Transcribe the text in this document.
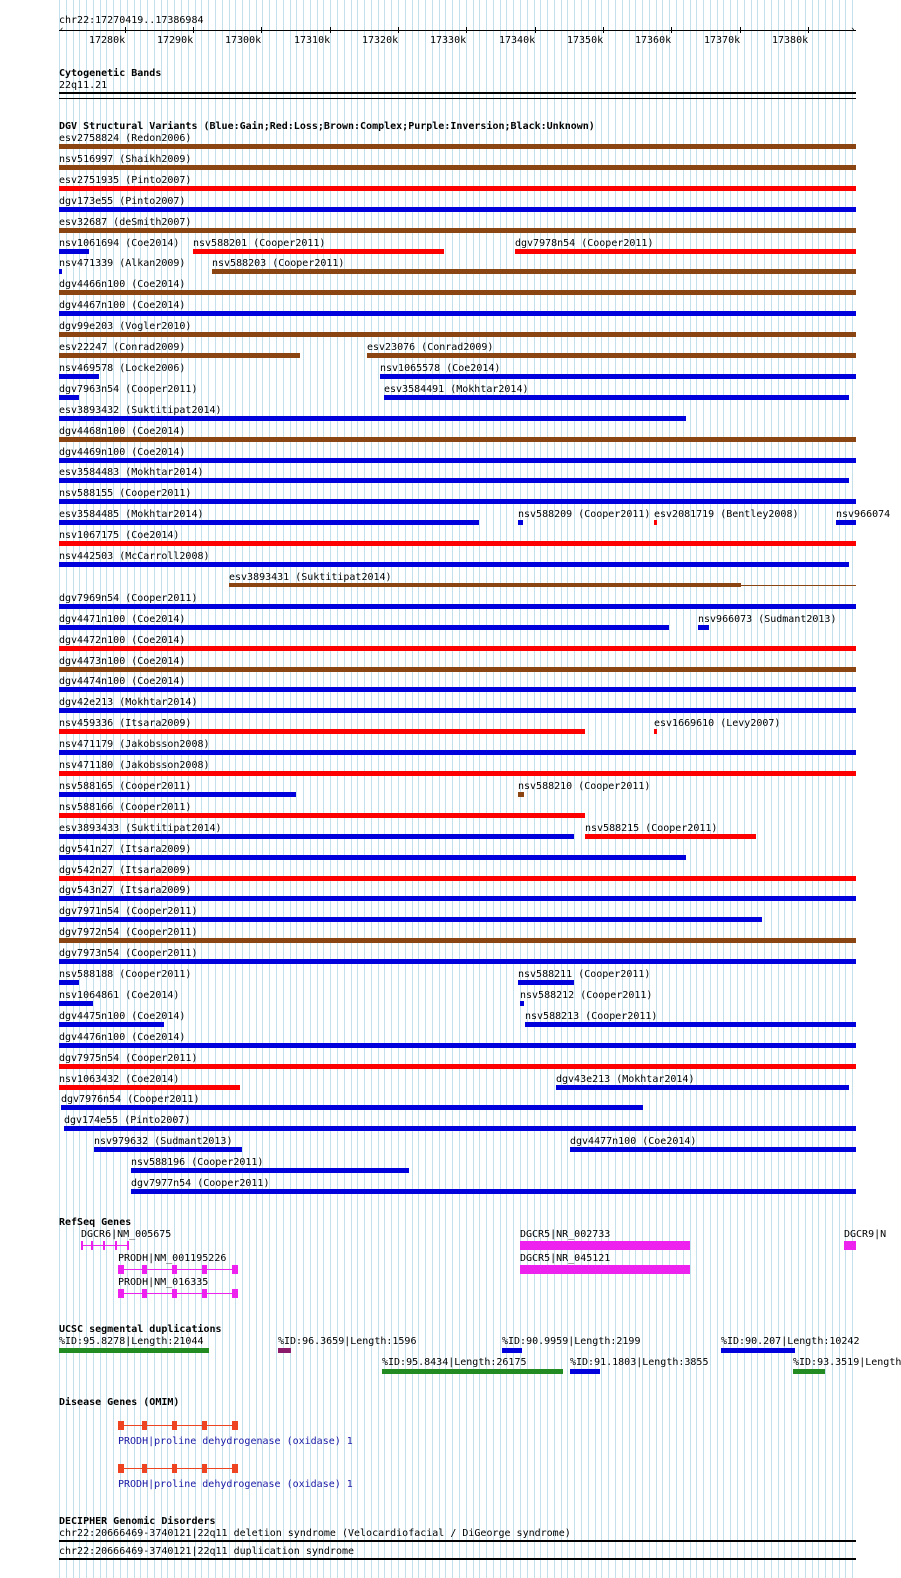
chr22:17270419..17386984
‹	›
17280k	17290k	17300k	17310k	17320k	17330k	17340k	17350k	17360k	17370k	17380k
Cytogenetic Bands
22q11.21
DGV Structural Variants (Blue:Gain;Red:Loss;Brown:Complex;Purple:Inversion;Black:Unknown)
esv2758824 (Redon2006)
nsv516997 (Shaikh2009)
esv2751935 (Pinto2007)
dgv173e55 (Pinto2007)
esv32687 (deSmith2007)
nsv1061694 (Coe2014) nsv588201 (Cooper2011)	dgv7978n54 (Cooper2011)
nsv471339 (Alkan2009)	nsv588203 (Cooper2011)
dgv4466n100 (Coe2014)
dgv4467n100 (Coe2014)
dgv99e203 (Vogler2010)
esv22247 (Conrad2009)	esv23076 (Conrad2009)
nsv469578 (Locke2006)	nsv1065578 (Coe2014)
dgv7963n54 (Cooper2011)	esv3584491 (Mokhtar2014)
esv3893432 (Suktitipat2014)
dgv4468n100 (Coe2014)
dgv4469n100 (Coe2014)
esv3584483 (Mokhtar2014)
nsv588155 (Cooper2011)
esv3584485 (Mokhtar2014)	nsv588209 (Cooper2011) esv2081719 (Bentley2008)	nsv966074
nsv1067175 (Coe2014)
nsv442503 (McCarroll2008)
esv3893431 (Suktitipat2014)
dgv7969n54 (Cooper2011)
dgv4471n100 (Coe2014)	nsv966073 (Sudmant2013)
dgv4472n100 (Coe2014)
dgv4473n100 (Coe2014)
dgv4474n100 (Coe2014)
dgv42e213 (Mokhtar2014)
nsv459336 (Itsara2009)	esv1669610 (Levy2007)
nsv471179 (Jakobsson2008)
nsv471180 (Jakobsson2008)
nsv588165 (Cooper2011)	nsv588210 (Cooper2011)
nsv588166 (Cooper2011)
esv3893433 (Suktitipat2014)	nsv588215 (Cooper2011)
dgv541n27 (Itsara2009)
dgv542n27 (Itsara2009)
dgv543n27 (Itsara2009)
dgv7971n54 (Cooper2011)
dgv7972n54 (Cooper2011)
dgv7973n54 (Cooper2011)
nsv588188 (Cooper2011)	nsv588211 (Cooper2011)
nsv1064861 (Coe2014)	nsv588212 (Cooper2011)
dgv4475n100 (Coe2014)	nsv588213 (Cooper2011)
dgv4476n100 (Coe2014)
dgv7975n54 (Cooper2011)
nsv1063432 (Coe2014)	dgv43e213 (Mokhtar2014)
dgv7976n54 (Cooper2011)
dgv174e55 (Pinto2007)
nsv979632 (Sudmant2013)	dgv4477n100 (Coe2014)
nsv588196 (Cooper2011)
dgv7977n54 (Cooper2011)
RefSeq Genes
DGCR6|NM_005675
PRODH|NM_001195226
PRODH|NM_016335
DGCR5|NR_002733
DGCR5|NR_045121
DGCR9|N
UCSC segmental duplications
%ID:95.8278|Length:21044	%ID:96.3659|Length:1596	%ID:90.9959|Length:2199	%ID:90.207|Length:10242
%ID:95.8434|Length:26175	%ID:91.1803|Length:3855	%ID:93.3519|Length
Disease Genes (OMIM)
PRODH|proline dehydrogenase (oxidase) 1
PRODH|proline dehydrogenase (oxidase) 1
DECIPHER Genomic Disorders
chr22:20666469-3740121|22q11 deletion syndrome (Velocardiofacial / DiGeorge syndrome)
chr22:20666469-3740121|22q11 duplication syndrome
